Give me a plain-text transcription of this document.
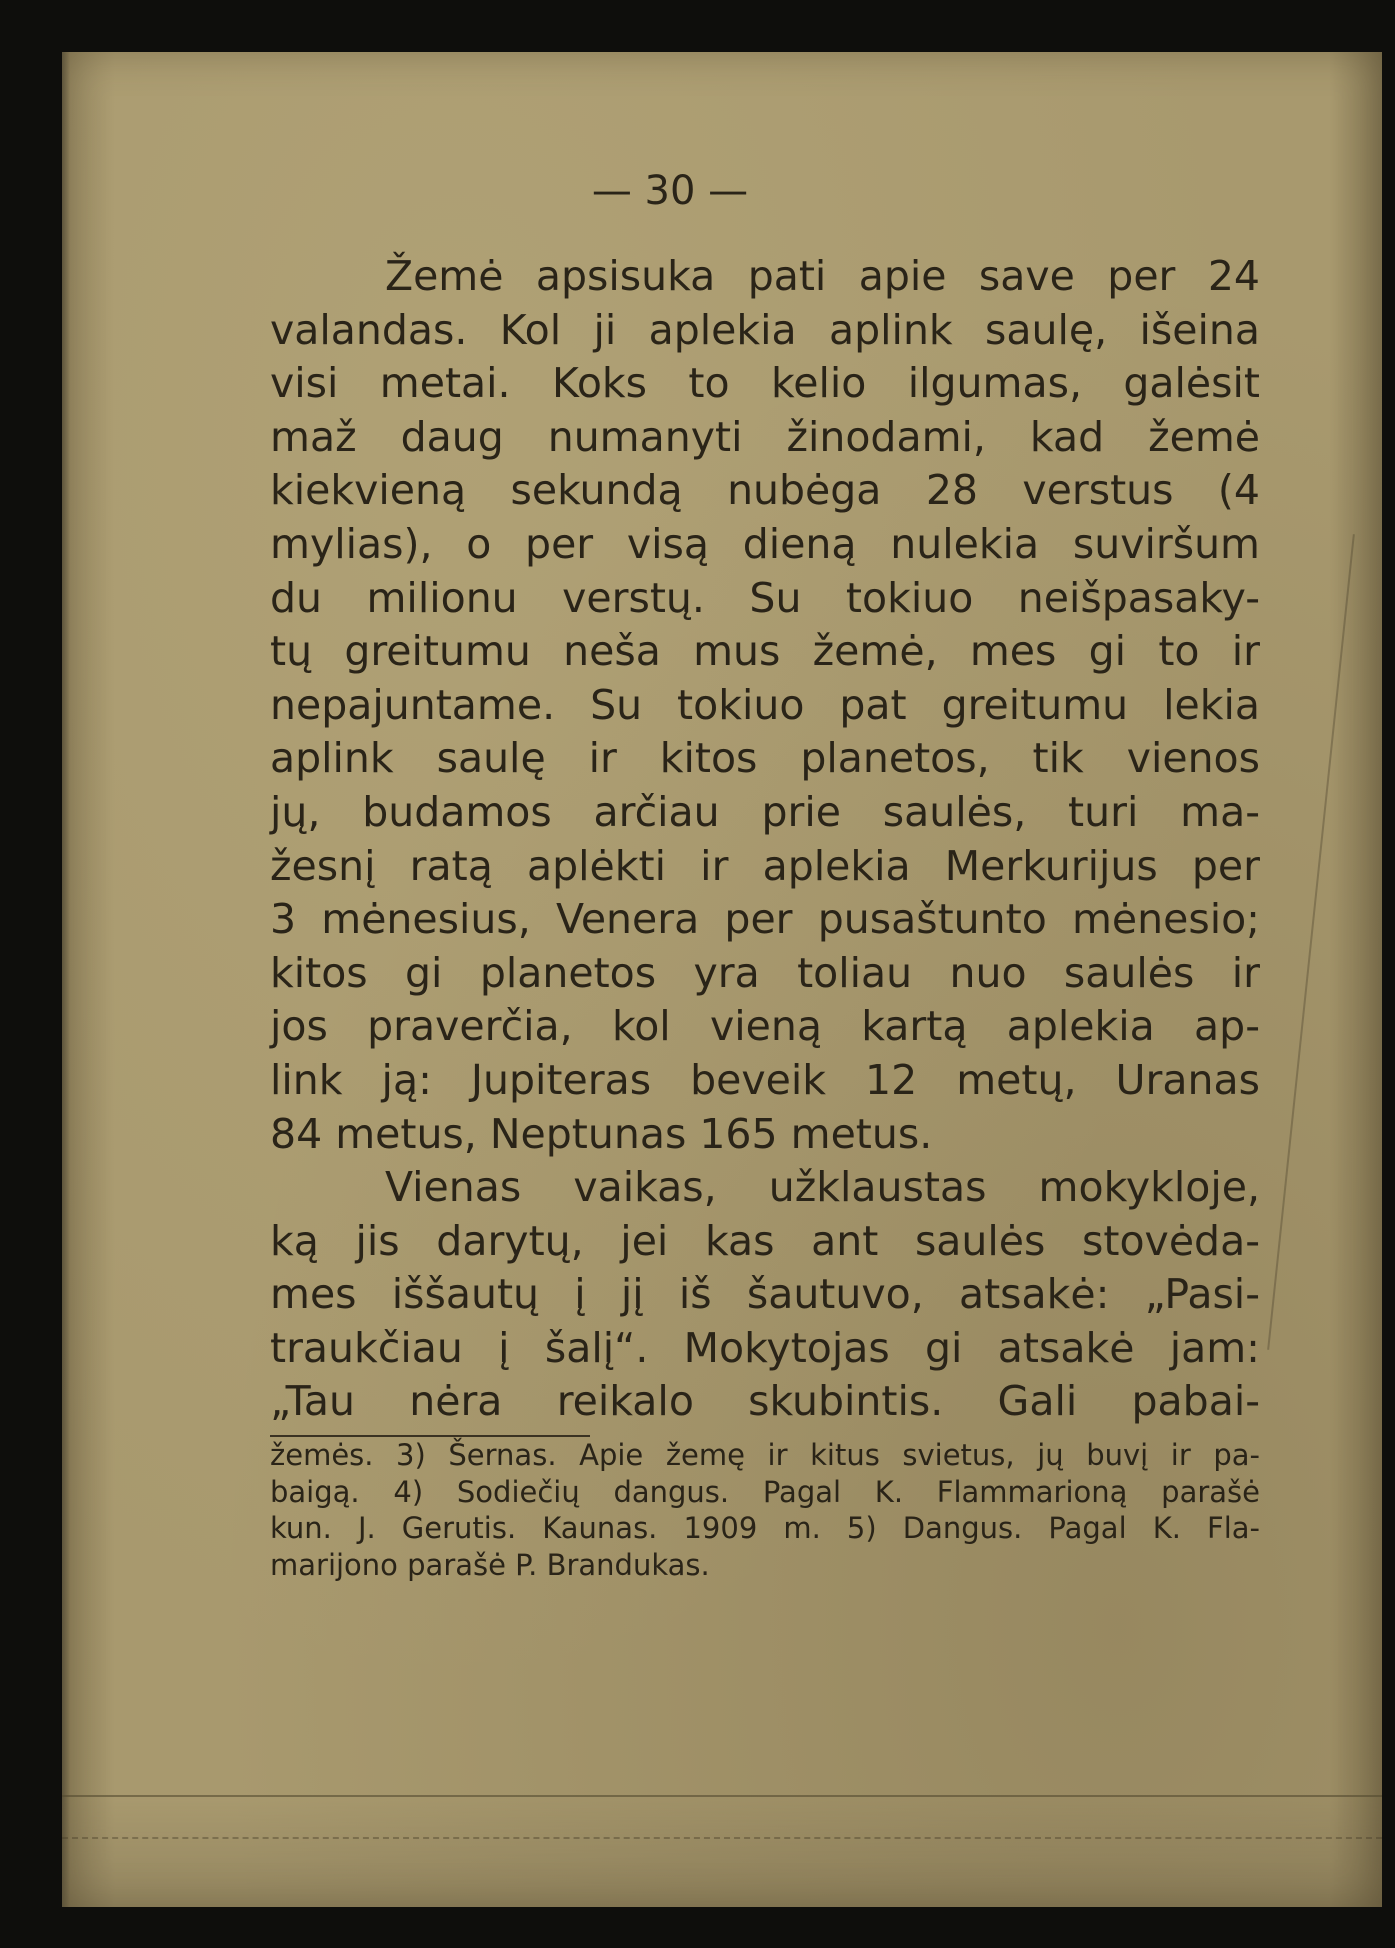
— 30 —
Žemė apsisuka pati apie save per 24
valandas. Kol ji aplekia aplink saulę, išeina
visi metai. Koks to kelio ilgumas, galėsit
maž daug numanyti žinodami, kad žemė
kiekvieną sekundą nubėga 28 verstus (4
mylias), o per visą dieną nulekia suviršum
du milionu verstų. Su tokiuo neišpasaky-
tų greitumu neša mus žemė, mes gi to ir
nepajuntame. Su tokiuo pat greitumu lekia
aplink saulę ir kitos planetos, tik vienos
jų, budamos arčiau prie saulės, turi ma-
žesnį ratą aplėkti ir aplekia Merkurijus per
3 mėnesius, Venera per pusaštunto mėnesio;
kitos gi planetos yra toliau nuo saulės ir
jos praverčia, kol vieną kartą aplekia ap-
link ją: Jupiteras beveik 12 metų, Uranas
84 metus, Neptunas 165 metus.
Vienas vaikas, užklaustas mokykloje,
ką jis darytų, jei kas ant saulės stovėda-
mes iššautų į jį iš šautuvo, atsakė: „Pasi-
traukčiau į šalį“. Mokytojas gi atsakė jam:
„Tau nėra reikalo skubintis. Gali pabai-
žemės. 3) Šernas. Apie žemę ir kitus svietus, jų buvį ir pa-
baigą. 4) Sodiečių dangus. Pagal K. Flammarioną parašė
kun. J. Gerutis. Kaunas. 1909 m. 5) Dangus. Pagal K. Fla-
marijono parašė P. Brandukas.
